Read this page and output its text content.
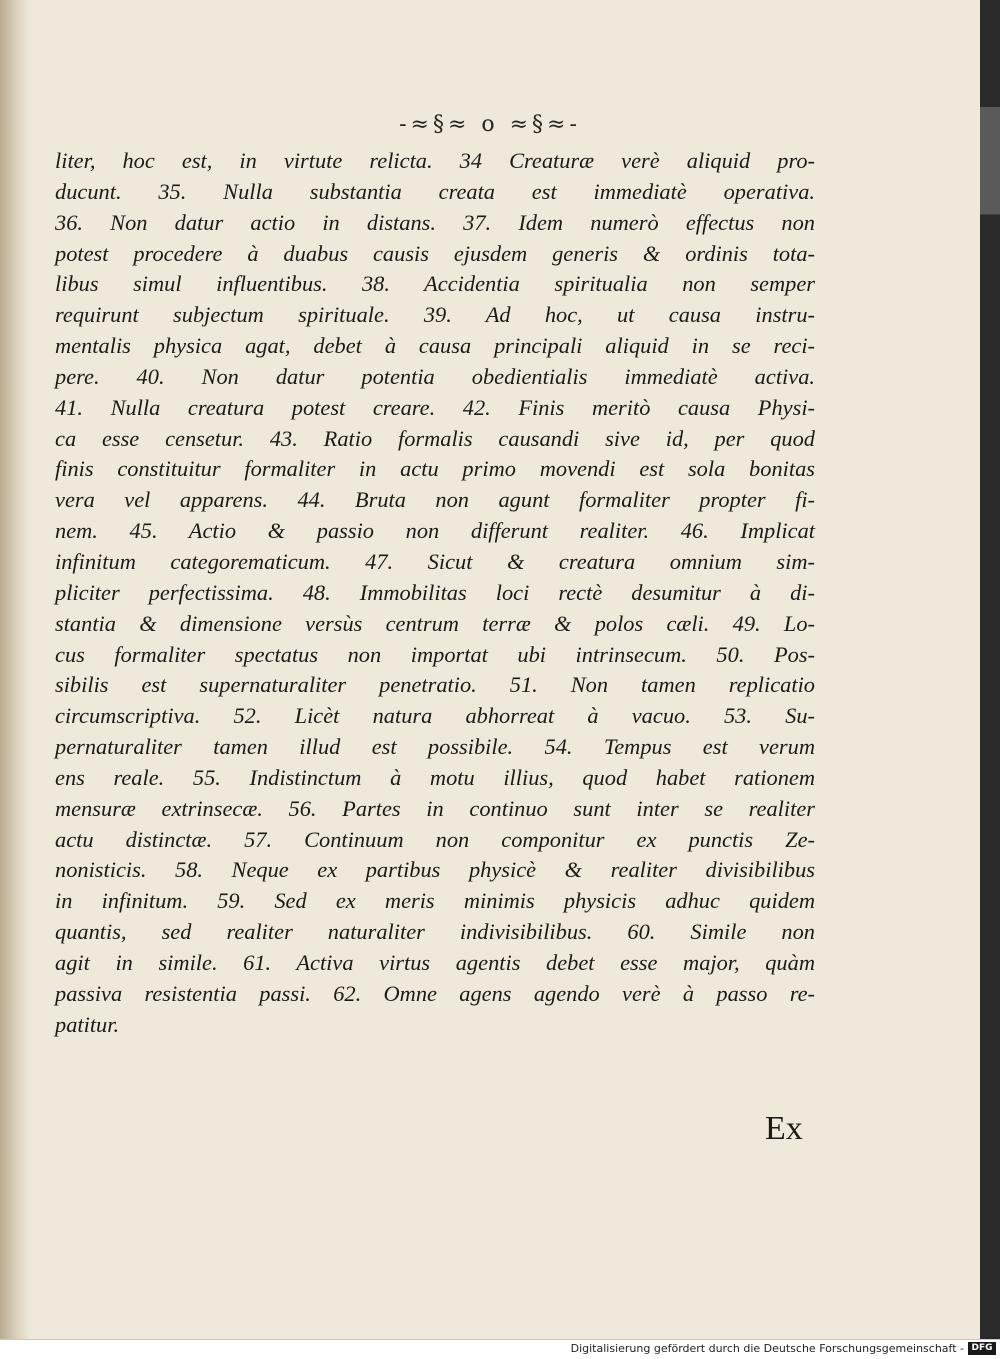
-≈§≈ o ≈§≈-
liter, hoc est, in virtute relicta. 34 Creaturæ verè aliquid pro-
ducunt. 35. Nulla substantia creata est immediatè operativa.
36. Non datur actio in distans. 37. Idem numerò effectus non
potest procedere à duabus causis ejusdem generis & ordinis tota-
libus simul influentibus. 38. Accidentia spiritualia non semper
requirunt subjectum spirituale. 39. Ad hoc, ut causa instru-
mentalis physica agat, debet à causa principali aliquid in se reci-
pere. 40. Non datur potentia obedientialis immediatè activa.
41. Nulla creatura potest creare. 42. Finis meritò causa Physi-
ca esse censetur. 43. Ratio formalis causandi sive id, per quod
finis constituitur formaliter in actu primo movendi est sola bonitas
vera vel apparens. 44. Bruta non agunt formaliter propter fi-
nem. 45. Actio & passio non differunt realiter. 46. Implicat
infinitum categorematicum. 47. Sicut & creatura omnium sim-
pliciter perfectissima. 48. Immobilitas loci rectè desumitur à di-
stantia & dimensione versùs centrum terræ & polos cæli. 49. Lo-
cus formaliter spectatus non importat ubi intrinsecum. 50. Pos-
sibilis est supernaturaliter penetratio. 51. Non tamen replicatio
circumscriptiva. 52. Licèt natura abhorreat à vacuo. 53. Su-
pernaturaliter tamen illud est possibile. 54. Tempus est verum
ens reale. 55. Indistinctum à motu illius, quod habet rationem
mensuræ extrinsecæ. 56. Partes in continuo sunt inter se realiter
actu distinctæ. 57. Continuum non componitur ex punctis Ze-
nonisticis. 58. Neque ex partibus physicè & realiter divisibilibus
in infinitum. 59. Sed ex meris minimis physicis adhuc quidem
quantis, sed realiter naturaliter indivisibilibus. 60. Simile non
agit in simile. 61. Activa virtus agentis debet esse major, quàm
passiva resistentia passi. 62. Omne agens agendo verè à passo re-
patitur.
Ex
Digitalisierung gefördert durch die Deutsche Forschungsgemeinschaft - DFG
